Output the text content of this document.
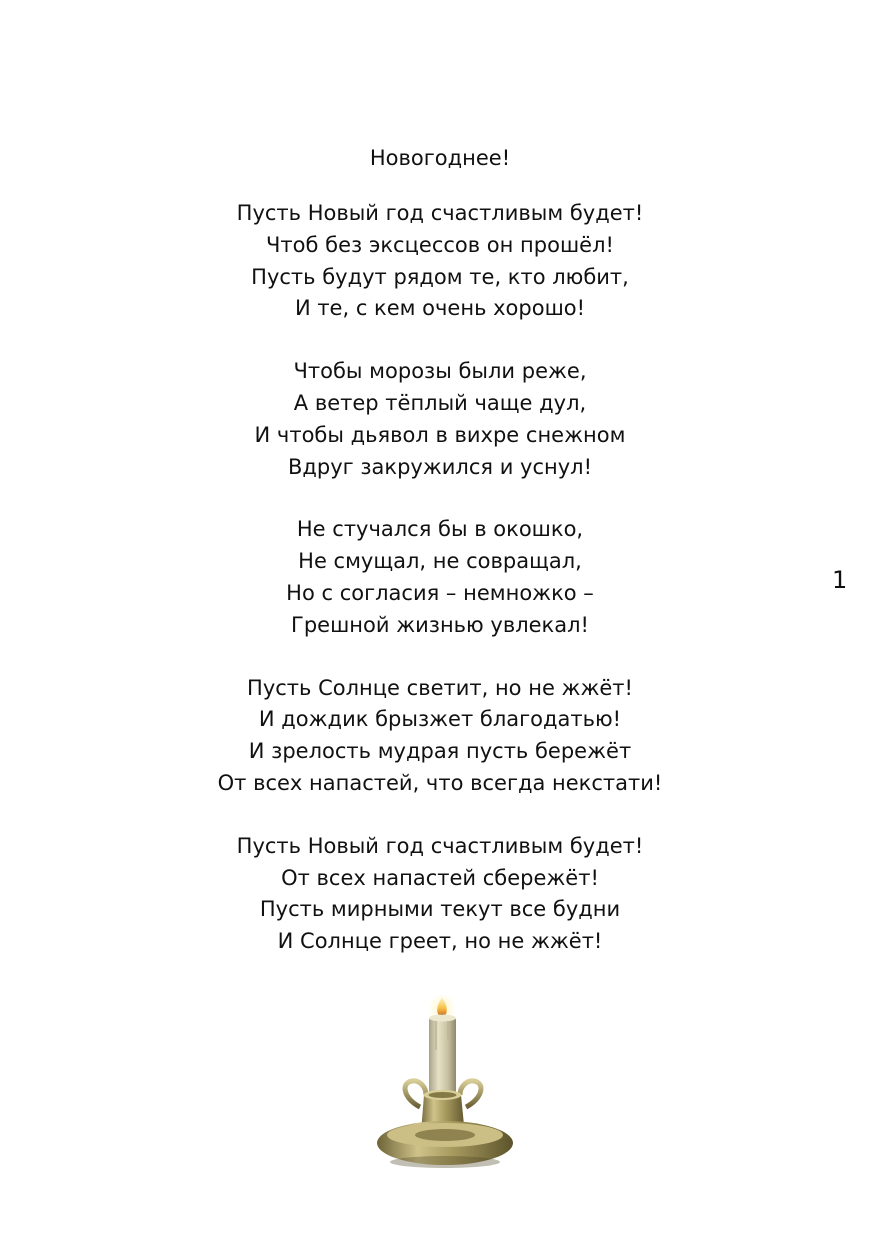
Новогоднее!
Пусть Новый год счастливым будет!
Чтоб без эксцессов он прошёл!
Пусть будут рядом те, кто любит,
И те, с кем очень хорошо!
Чтобы морозы были реже,
А ветер тёплый чаще дул,
И чтобы дьявол в вихре снежном
Вдруг закружился и уснул!
Не стучался бы в окошко,
Не смущал, не совращал,
Но с согласия – немножко –
Грешной жизнью увлекал!
Пусть Солнце светит, но не жжёт!
И дождик брызжет благодатью!
И зрелость мудрая пусть бережёт
От всех напастей, что всегда некстати!
Пусть Новый год счастливым будет!
От всех напастей сбережёт!
Пусть мирными текут все будни
И Солнце греет, но не жжёт!
1
